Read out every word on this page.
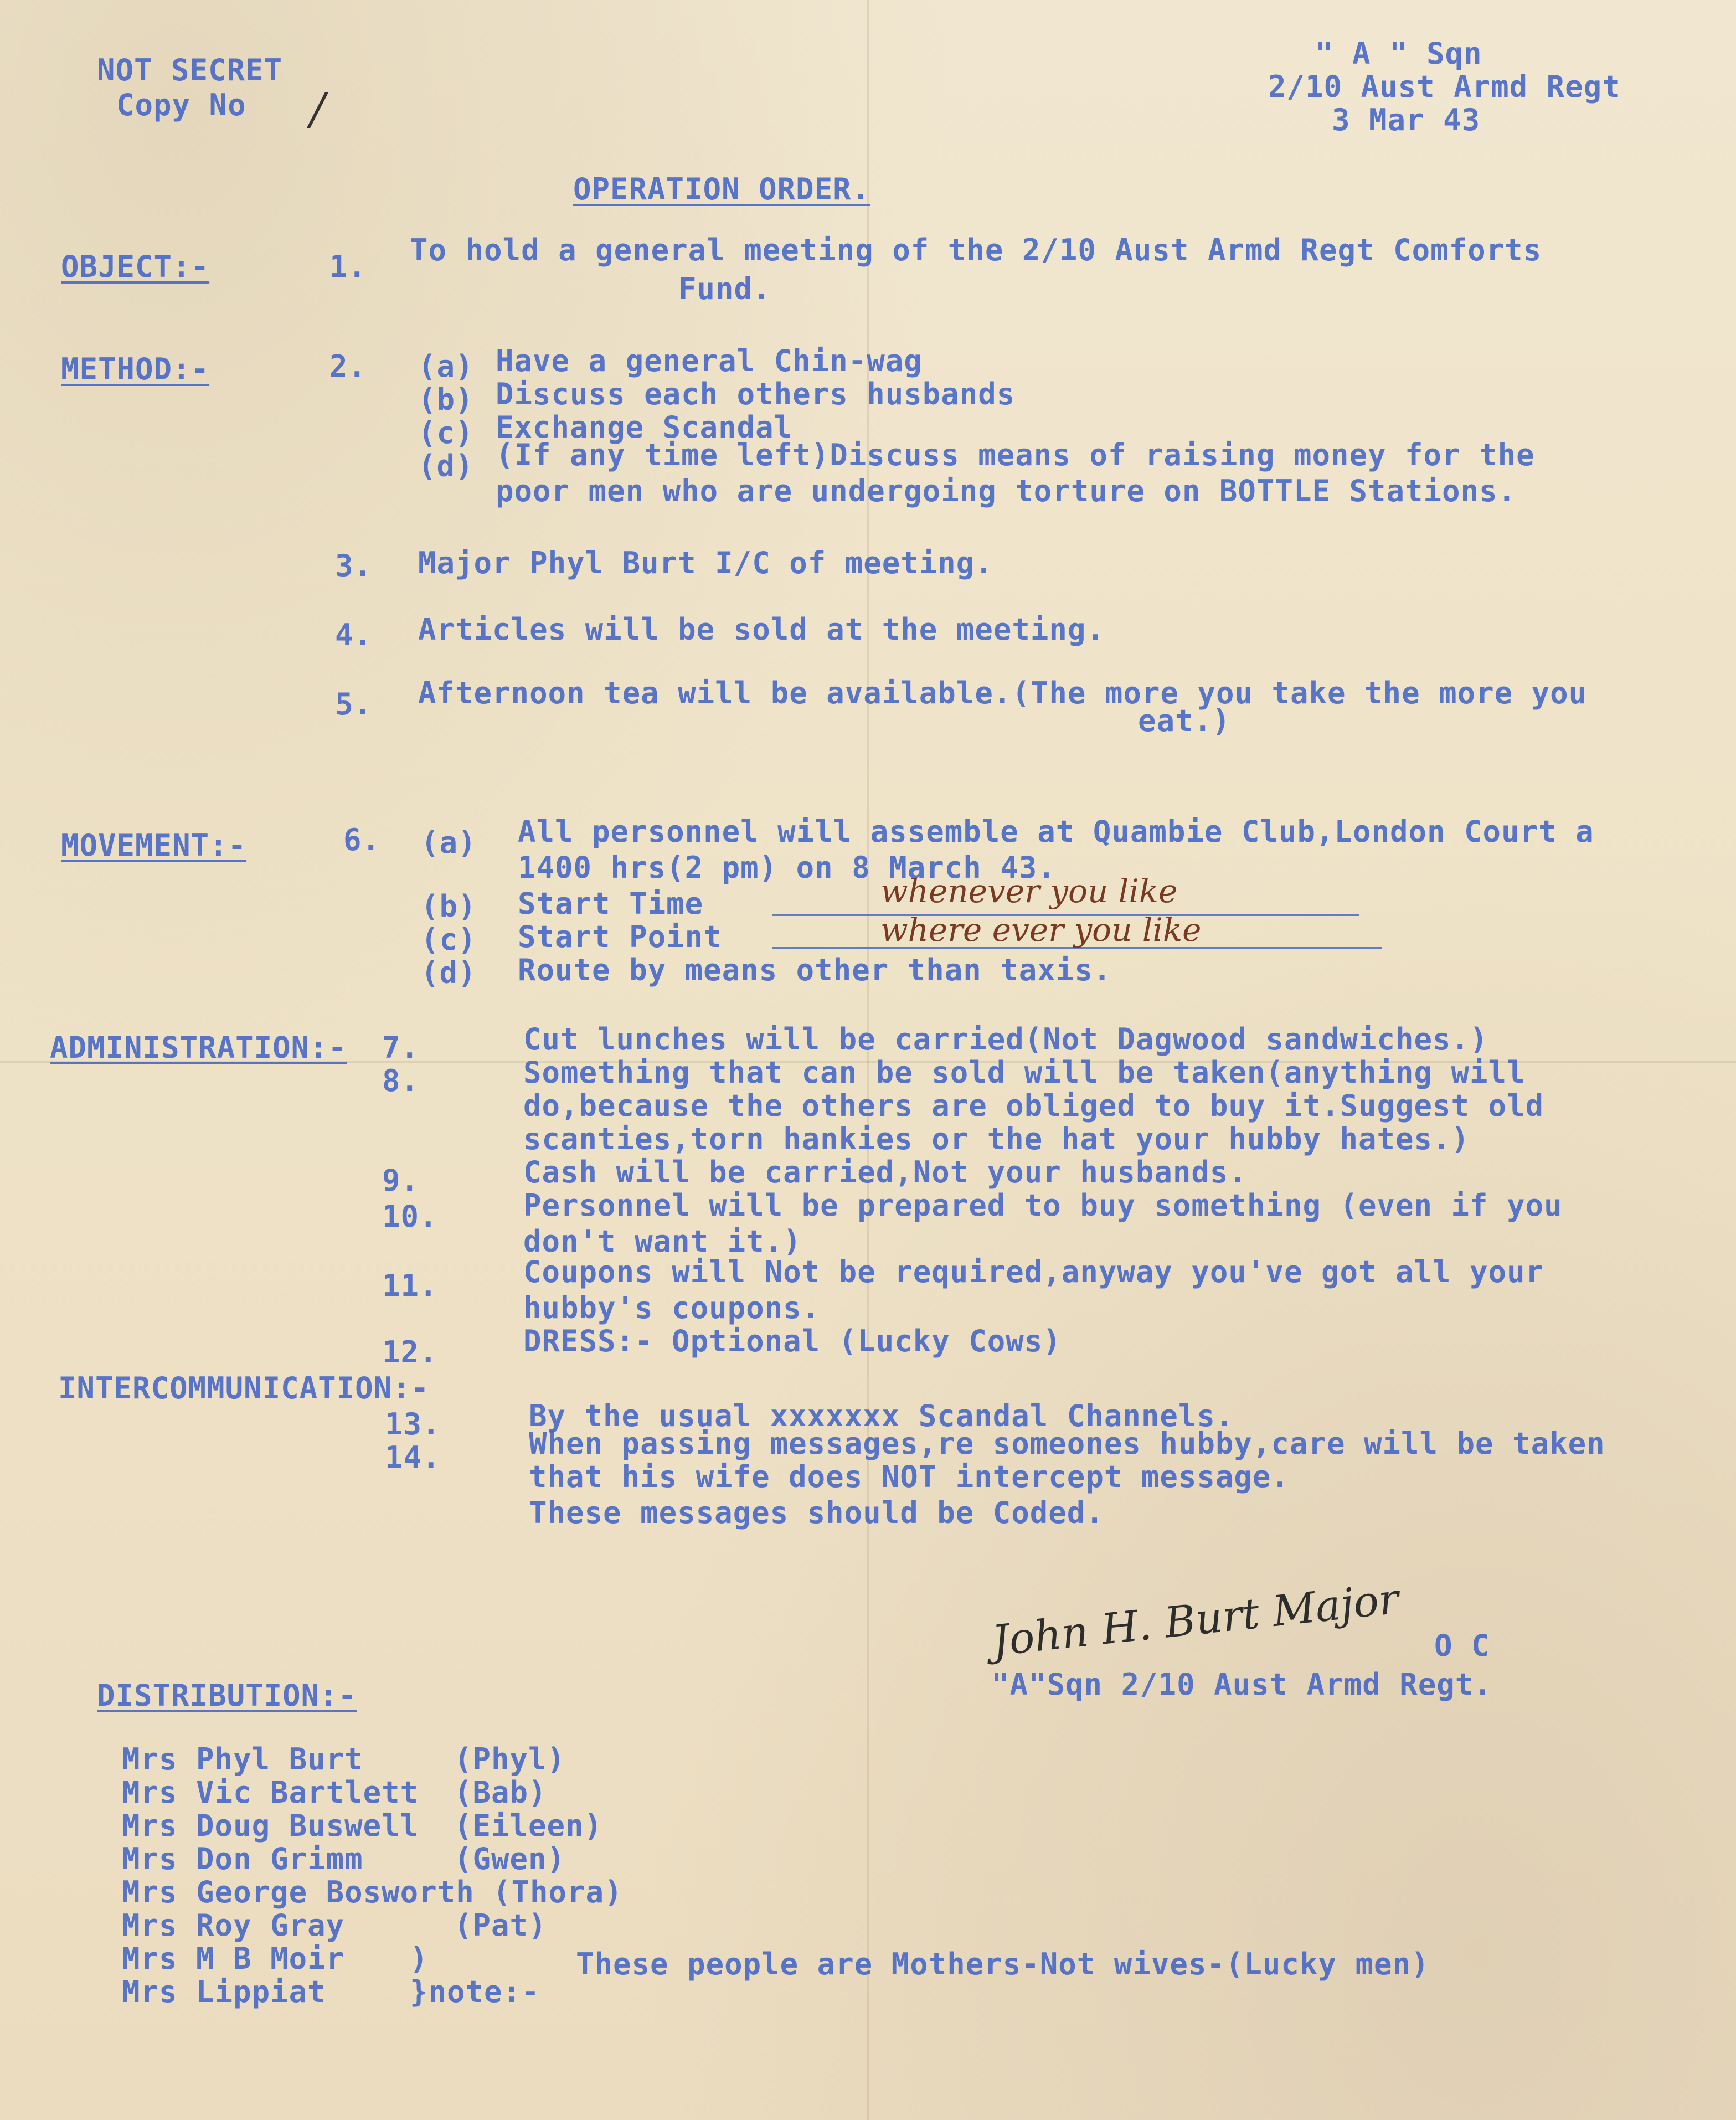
NOT SECRET
Copy No /
" A " Sqn
2/10 Aust Armd Regt
3 Mar 43
OPERATION ORDER.
OBJECT:-	1. To hold a general meeting of the 2/10 Aust Armd Regt Comforts
Fund.
METHOD:-	2. (a) Have a general Chin-wag
(b) Discuss each others husbands
(c) Exchange Scandal
(d) (If any time left)Discuss means of raising money for the
poor men who are undergoing torture on BOTTLE Stations.
3. Major Phyl Burt I/C of meeting.
4. Articles will be sold at the meeting.
5. Afternoon tea will be available.(The more you take the more you
eat.)
MOVEMENT:-	6. (a) All personnel will assemble at Quambie Club,London Court a
1400 hrs(2 pm) on 8 March 43.
(b) Start Time	whenever you like
(c) Start Point	where ever you like
(d) Route by means other than taxis.
ADMINISTRATION:- 7.	Cut lunches will be carried(Not Dagwood sandwiches.)
8.	Something that can be sold will be taken(anything will
do,because the others are obliged to buy it.Suggest old
scanties,torn hankies or the hat your hubby hates.)
9.	Cash will be carried,Not your husbands.
10.	Personnel will be prepared to buy something (even if you
don't want it.)
11.	Coupons will Not be required,anyway you've got all your
hubby's coupons.
12.	DRESS:- Optional (Lucky Cows)
INTERCOMMUNICATION:-
13.	By the usual xxxxxxx Scandal Channels.
14.	When passing messages,re someones hubby,care will be taken
that his wife does NOT intercept message.
These messages should be Coded.
John H. Burt Major O C
"A"Sqn 2/10 Aust Armd Regt.
DISTRIBUTION:-
Mrs Phyl Burt	(Phyl)
Mrs Vic Bartlett (Bab)
Mrs Doug Buswell (Eileen)
Mrs Don Grimm	(Gwen)
Mrs George Bosworth (Thora)
Mrs Roy Gray	(Pat)
Mrs M B Moir )
Mrs Lippiat	}note:-
These people are Mothers-Not wives-(Lucky men)
